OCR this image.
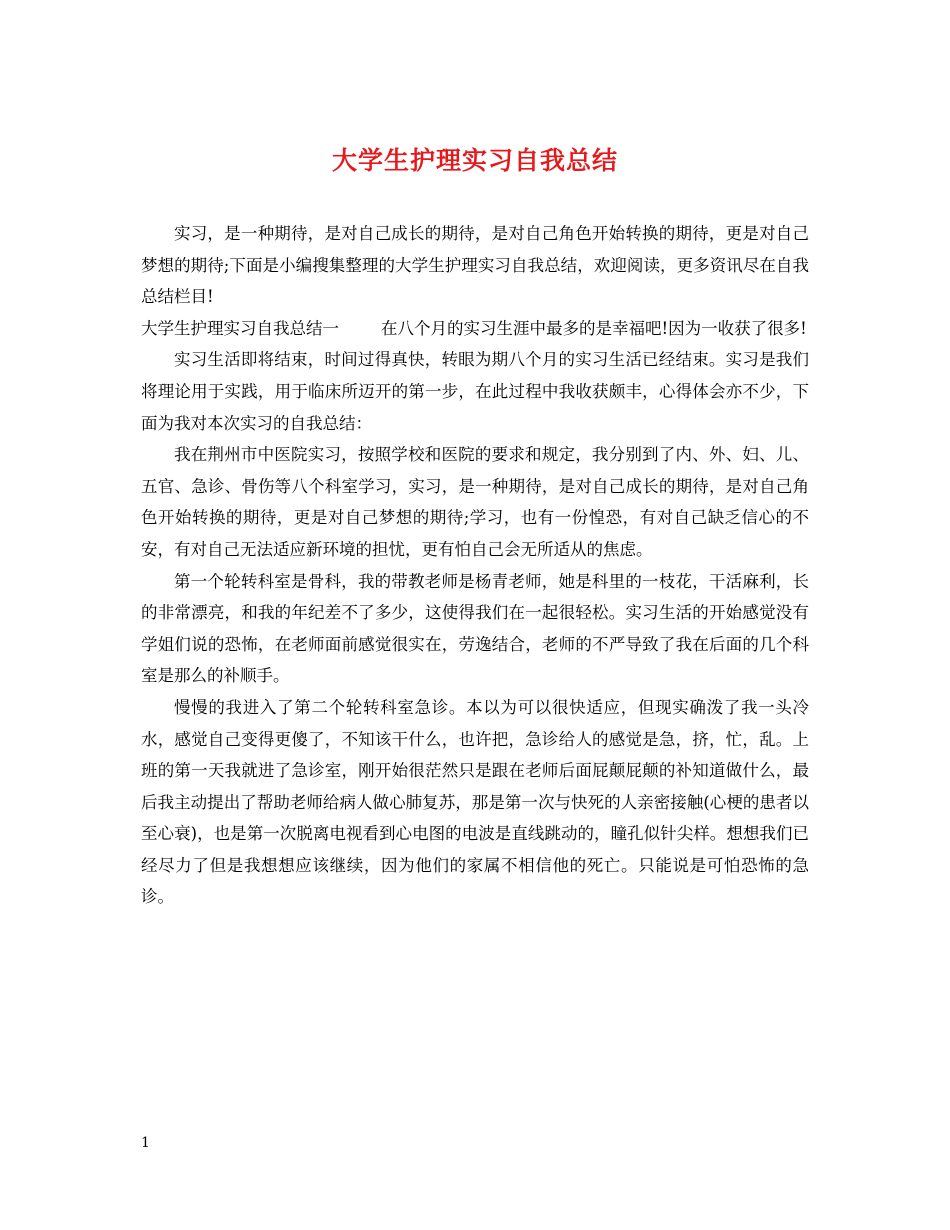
大学生护理实习自我总结

实习，是一种期待，是对自己成长的期待，是对自己角色开始转换的期待，更是对自己梦想的期待;下面是小编搜集整理的大学生护理实习自我总结，欢迎阅读，更多资讯尽在自我总结栏目!

大学生护理实习自我总结一	在八个月的实习生涯中最多的是幸福吧!因为一收获了很多!

实习生活即将结束，时间过得真快，转眼为期八个月的实习生活已经结束。实习是我们将理论用于实践，用于临床所迈开的第一步，在此过程中我收获颇丰，心得体会亦不少，下面为我对本次实习的自我总结：

我在荆州市中医院实习，按照学校和医院的要求和规定，我分别到了内、外、妇、儿、五官、急诊、骨伤等八个科室学习，实习，是一种期待，是对自己成长的期待，是对自己角色开始转换的期待，更是对自己梦想的期待;学习，也有一份惶恐，有对自己缺乏信心的不安，有对自己无法适应新环境的担忧，更有怕自己会无所适从的焦虑。

第一个轮转科室是骨科，我的带教老师是杨青老师，她是科里的一枝花，干活麻利，长的非常漂亮，和我的年纪差不了多少，这使得我们在一起很轻松。实习生活的开始感觉没有学姐们说的恐怖，在老师面前感觉很实在，劳逸结合，老师的不严导致了我在后面的几个科室是那么的补顺手。

慢慢的我进入了第二个轮转科室急诊。本以为可以很快适应，但现实确泼了我一头冷水，感觉自己变得更傻了，不知该干什么，也许把，急诊给人的感觉是急，挤，忙，乱。上班的第一天我就进了急诊室，刚开始很茫然只是跟在老师后面屁颠屁颠的补知道做什么，最后我主动提出了帮助老师给病人做心肺复苏，那是第一次与快死的人亲密接触(心梗的患者以至心衰)，也是第一次脱离电视看到心电图的电波是直线跳动的，瞳孔似针尖样。想想我们已经尽力了但是我想想应该继续，因为他们的家属不相信他的死亡。只能说是可怕恐怖的急诊。

1
